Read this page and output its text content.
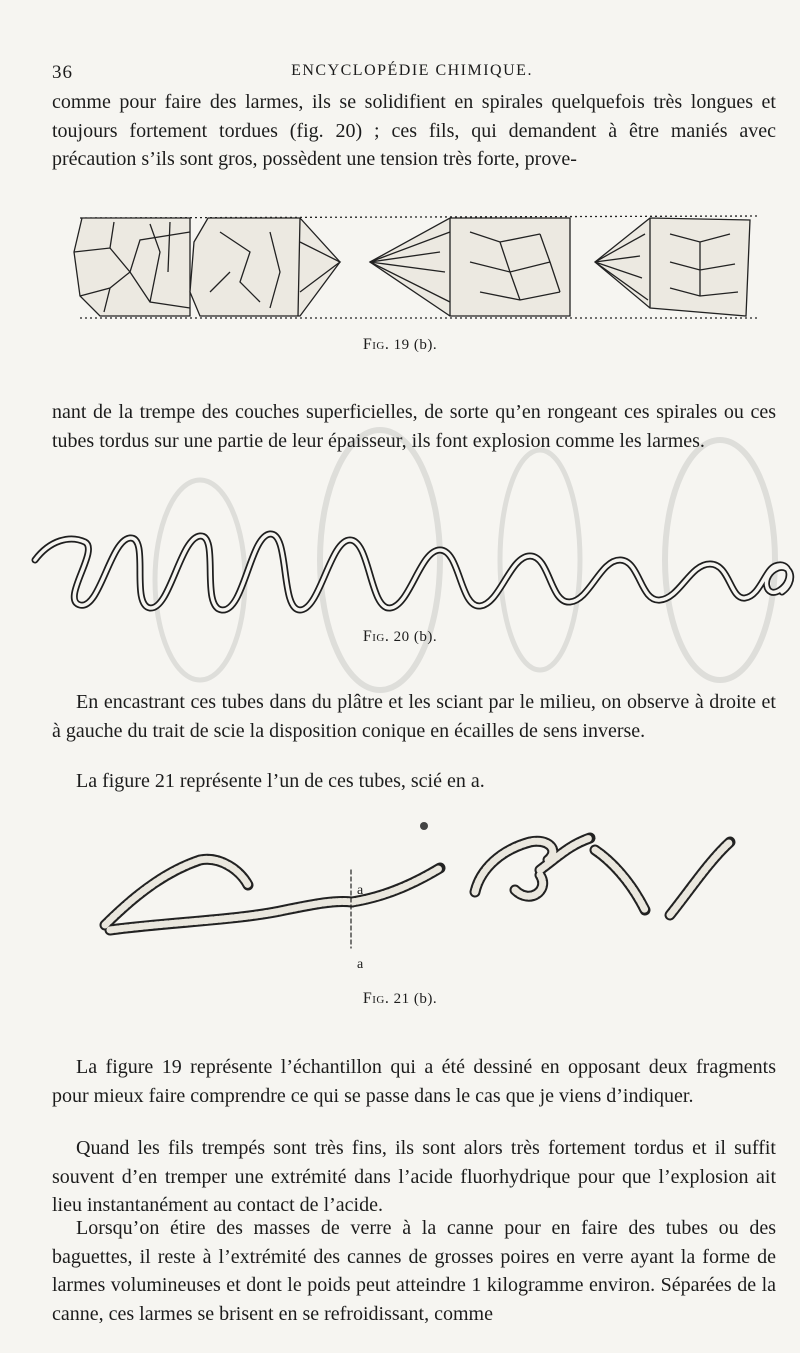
36	ENCYCLOPÉDIE CHIMIQUE.

comme pour faire des larmes, ils se solidifient en spirales quelquefois très longues et toujours fortement tordues (fig. 20) ; ces fils, qui demandent à être maniés avec précaution s’ils sont gros, possèdent une tension très forte, prove-

Fig. 19 (b).

nant de la trempe des couches superficielles, de sorte qu’en rongeant ces spirales ou ces tubes tordus sur une partie de leur épaisseur, ils font explosion comme les larmes.

Fig. 20 (b).

En encastrant ces tubes dans du plâtre et les sciant par le milieu, on observe à droite et à gauche du trait de scie la disposition conique en écailles de sens inverse.

La figure 21 représente l’un de ces tubes, scié en a.

a
a
Fig. 21 (b).

La figure 19 représente l’échantillon qui a été dessiné en opposant deux fragments pour mieux faire comprendre ce qui se passe dans le cas que je viens d’indiquer.

Quand les fils trempés sont très fins, ils sont alors très fortement tordus et il suffit souvent d’en tremper une extrémité dans l’acide fluorhydrique pour que l’explosion ait lieu instantanément au contact de l’acide.

Lorsqu’on étire des masses de verre à la canne pour en faire des tubes ou des baguettes, il reste à l’extrémité des cannes de grosses poires en verre ayant la forme de larmes volumineuses et dont le poids peut atteindre 1 kilogramme environ. Séparées de la canne, ces larmes se brisent en se refroidissant, comme
